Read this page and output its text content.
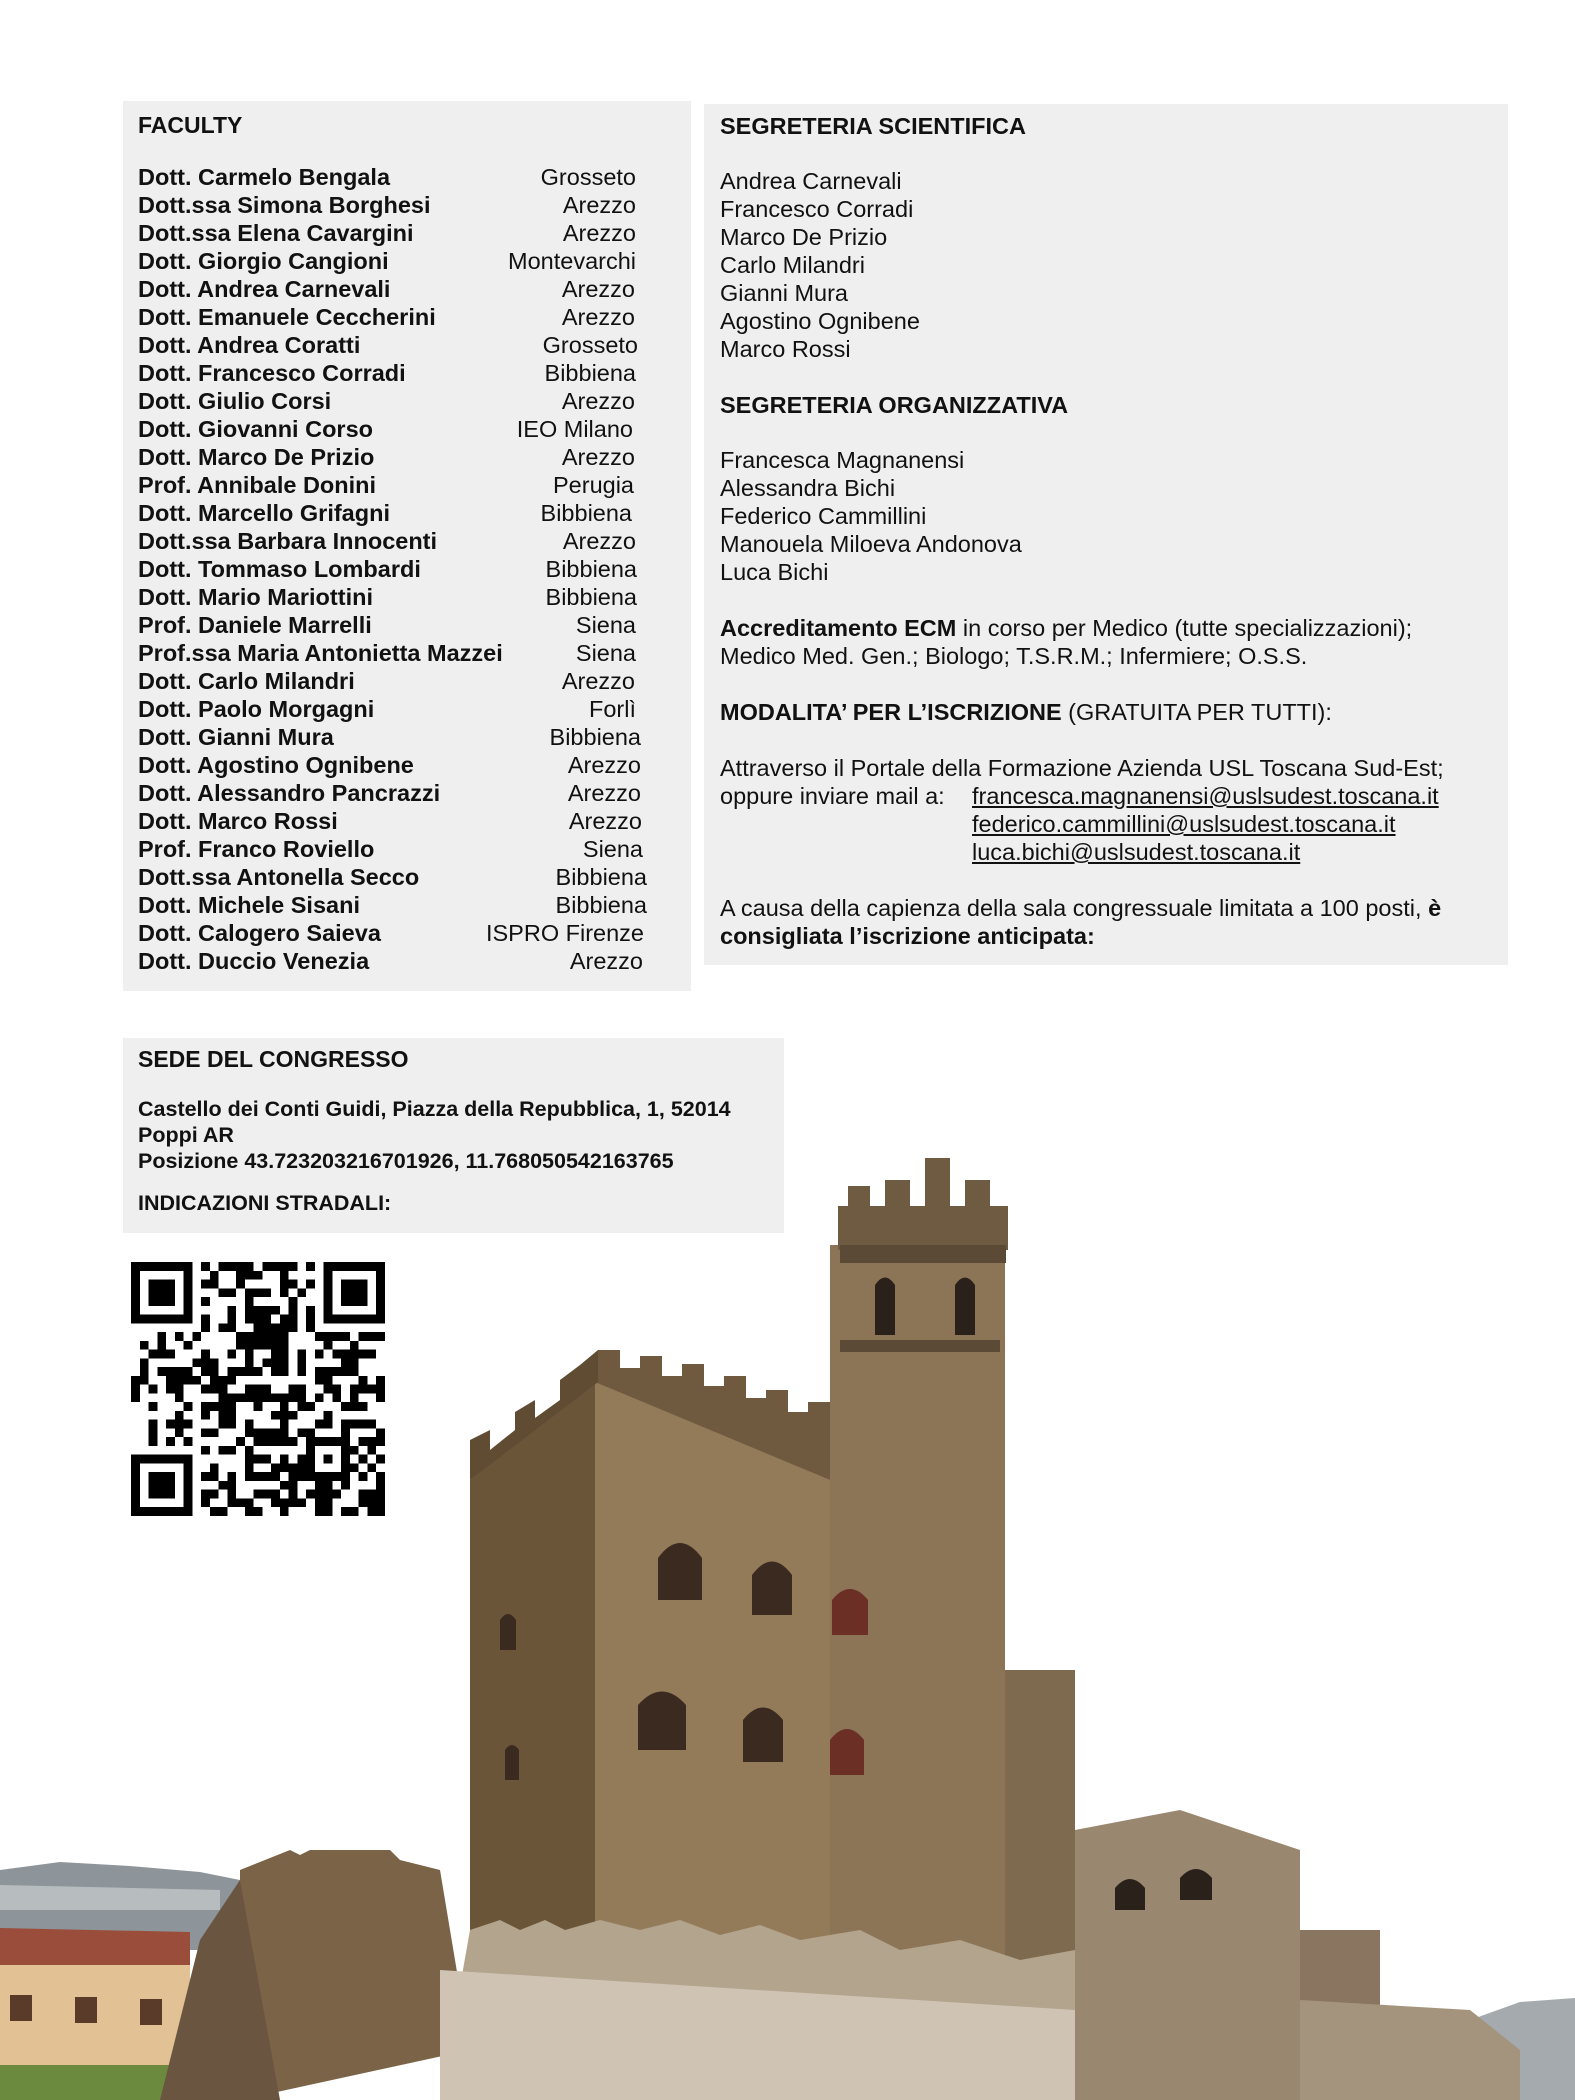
FACULTY
Dott. Carmelo Bengala	Grosseto
Dott.ssa Simona Borghesi	Arezzo
Dott.ssa Elena Cavargini	Arezzo
Dott. Giorgio Cangioni	Montevarchi
Dott. Andrea Carnevali	Arezzo
Dott. Emanuele Ceccherini	Arezzo
Dott. Andrea Coratti	Grosseto
Dott. Francesco Corradi	Bibbiena
Dott. Giulio Corsi	Arezzo
Dott. Giovanni Corso	IEO Milano
Dott. Marco De Prizio	Arezzo
Prof. Annibale Donini	Perugia
Dott. Marcello Grifagni	Bibbiena
Dott.ssa Barbara Innocenti	Arezzo
Dott. Tommaso Lombardi	Bibbiena
Dott. Mario Mariottini	Bibbiena
Prof. Daniele Marrelli	Siena
Prof.ssa Maria Antonietta Mazzei	Siena
Dott. Carlo Milandri	Arezzo
Dott. Paolo Morgagni	Forlì
Dott. Gianni Mura	Bibbiena
Dott. Agostino Ognibene	Arezzo
Dott. Alessandro Pancrazzi	Arezzo
Dott. Marco Rossi	Arezzo
Prof. Franco Roviello	Siena
Dott.ssa Antonella Secco	Bibbiena
Dott. Michele Sisani	Bibbiena
Dott. Calogero Saieva	ISPRO Firenze
Dott. Duccio Venezia	Arezzo
SEGRETERIA SCIENTIFICA
Andrea Carnevali
Francesco Corradi
Marco De Prizio
Carlo Milandri
Gianni Mura
Agostino Ognibene
Marco Rossi
SEGRETERIA ORGANIZZATIVA
Francesca Magnanensi
Alessandra Bichi
Federico Cammillini
Manouela Miloeva Andonova
Luca Bichi
Accreditamento ECM in corso per Medico (tutte specializzazioni);
Medico Med. Gen.; Biologo; T.S.R.M.; Infermiere; O.S.S.
MODALITA’ PER L’ISCRIZIONE (GRATUITA PER TUTTI):
Attraverso il Portale della Formazione Azienda USL Toscana Sud-Est;
oppure inviare mail a: francesca.magnanensi@uslsudest.toscana.it
federico.cammillini@uslsudest.toscana.it
luca.bichi@uslsudest.toscana.it
A causa della capienza della sala congressuale limitata a 100 posti, è
consigliata l’iscrizione anticipata:
SEDE DEL CONGRESSO
Castello dei Conti Guidi, Piazza della Repubblica, 1, 52014
Poppi AR
Posizione 43.723203216701926, 11.768050542163765
INDICAZIONI STRADALI:
